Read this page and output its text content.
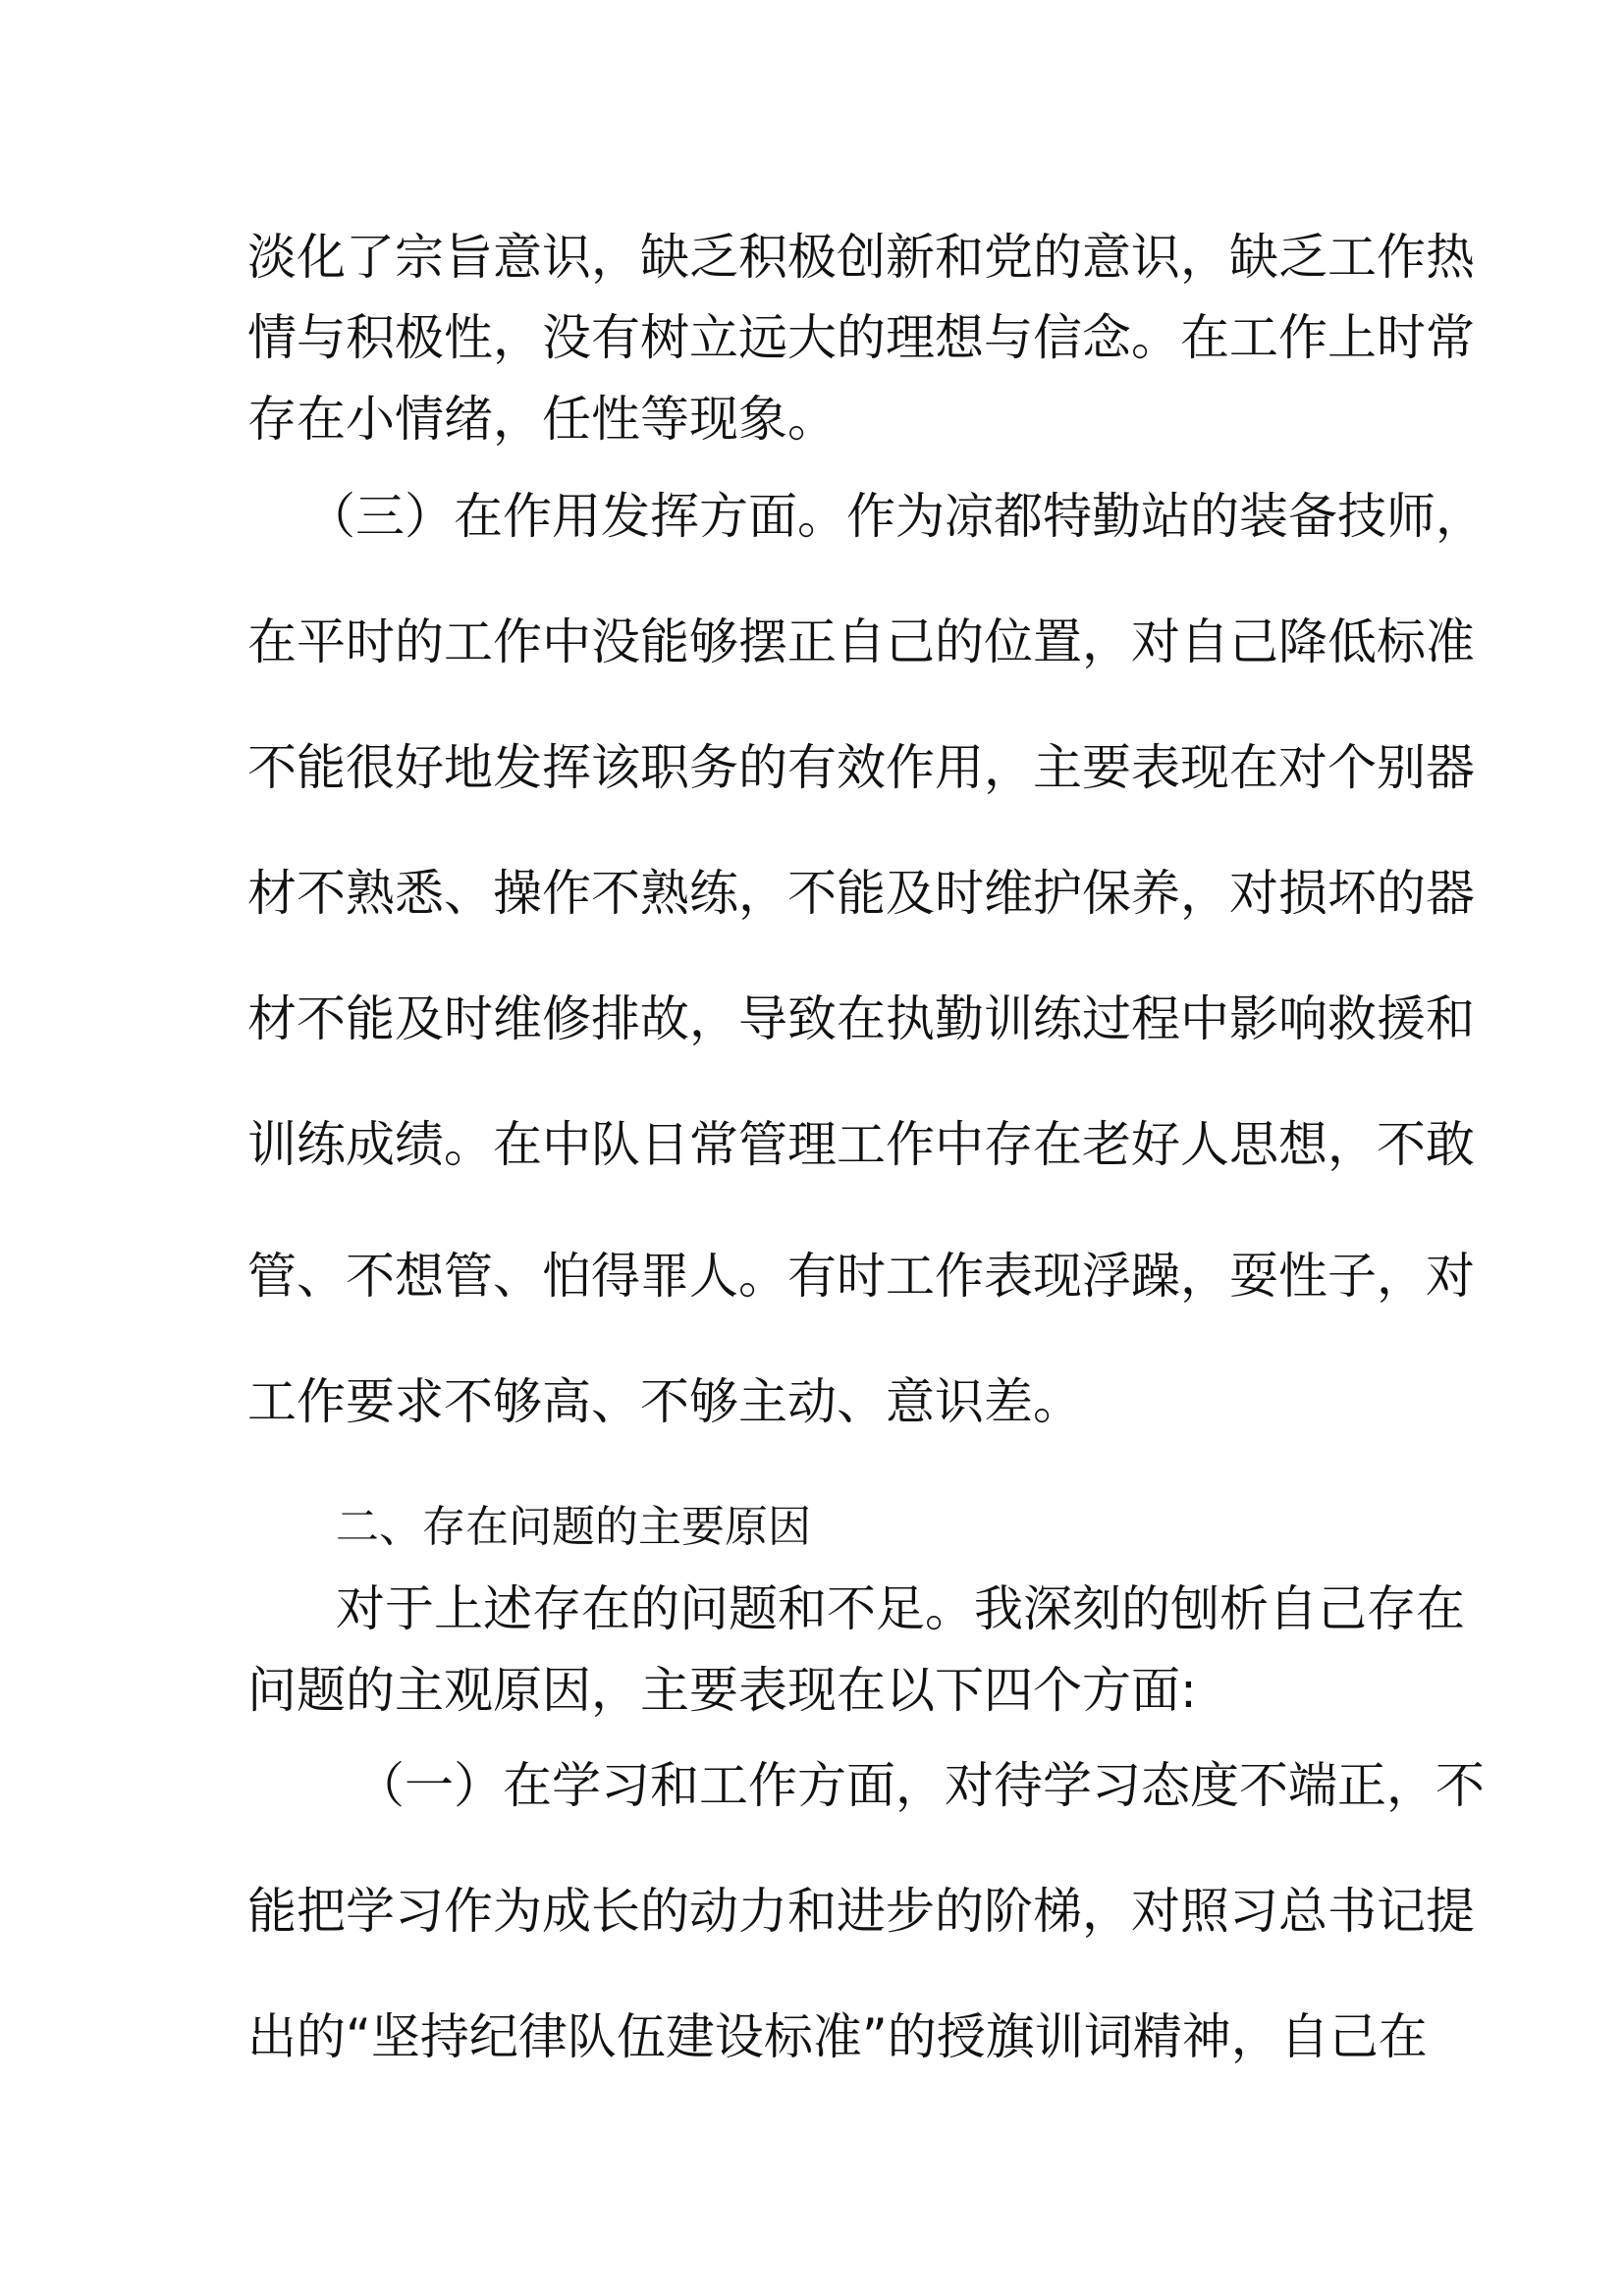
淡化了宗旨意识，缺乏积极创新和党的意识，缺乏工作热
情与积极性，没有树立远大的理想与信念。在工作上时常
存在小情绪，任性等现象。
（三）在作用发挥方面。作为凉都特勤站的装备技师，
在平时的工作中没能够摆正自己的位置，对自己降低标准
不能很好地发挥该职务的有效作用，主要表现在对个别器
材不熟悉、操作不熟练，不能及时维护保养，对损坏的器
材不能及时维修排故，导致在执勤训练过程中影响救援和
训练成绩。在中队日常管理工作中存在老好人思想，不敢
管、不想管、怕得罪人。有时工作表现浮躁，耍性子，对
工作要求不够高、不够主动、意识差。
二、存在问题的主要原因
对于上述存在的问题和不足。我深刻的刨析自己存在
问题的主观原因，主要表现在以下四个方面:
（一）在学习和工作方面，对待学习态度不端正，不
能把学习作为成长的动力和进步的阶梯，对照习总书记提
出的“坚持纪律队伍建设标准”的授旗训词精神，自己在
